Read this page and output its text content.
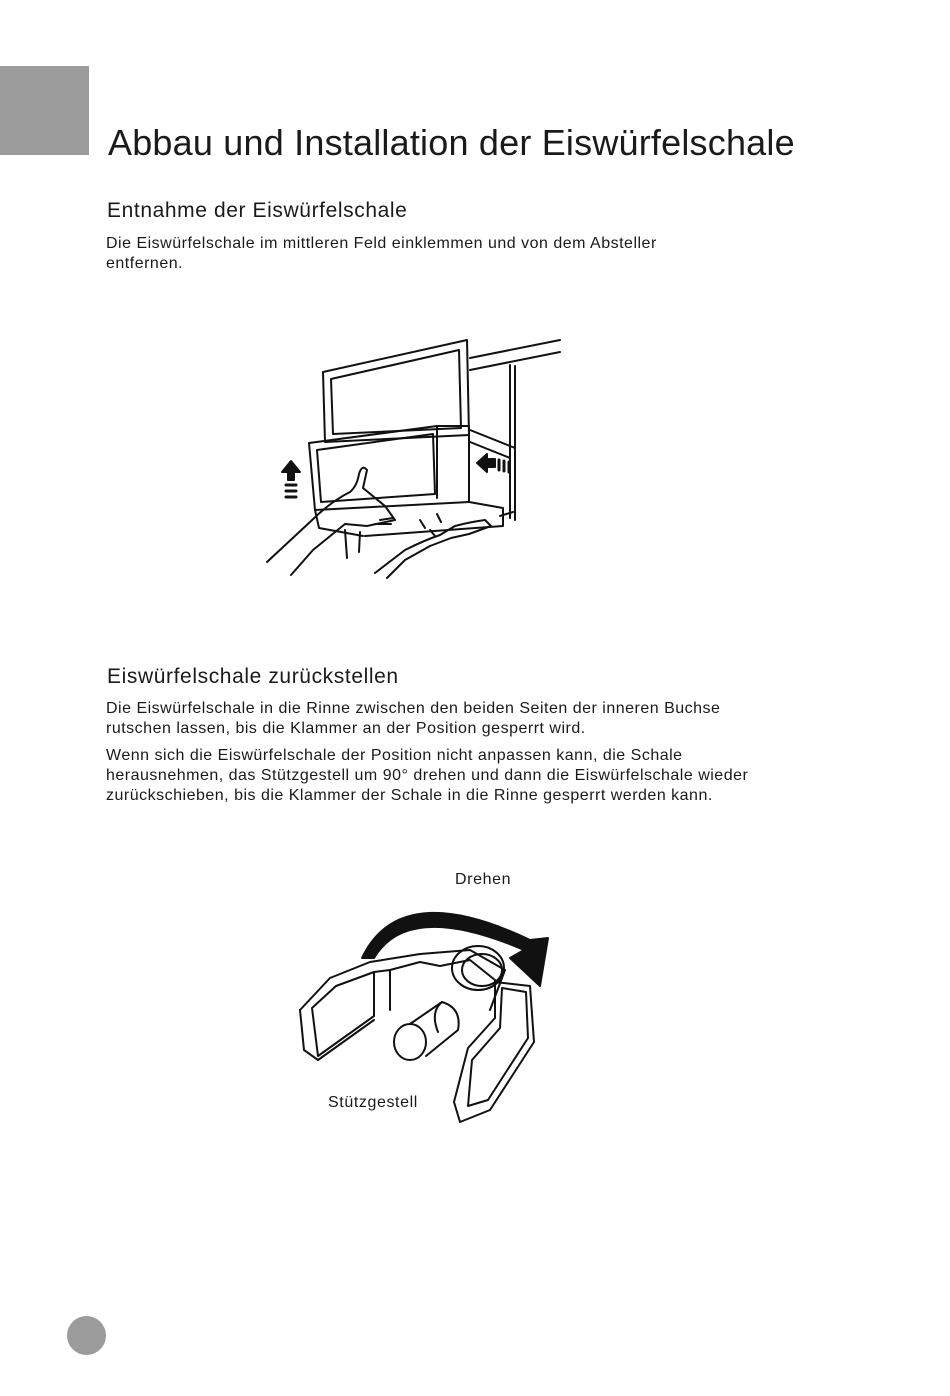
Abbau und Installation der Eiswürfelschale
Entnahme der Eiswürfelschale

Die Eiswürfelschale im mittleren Feld einklemmen und von dem Absteller
entfernen.

Eiswürfelschale zurückstellen

Die Eiswürfelschale in die Rinne zwischen den beiden Seiten der inneren Buchse
rutschen lassen, bis die Klammer an der Position gesperrt wird.

Wenn sich die Eiswürfelschale der Position nicht anpassen kann, die Schale
herausnehmen, das Stützgestell um 90° drehen und dann die Eiswürfelschale wieder
zurückschieben, bis die Klammer der Schale in die Rinne gesperrt werden kann.

Drehen
Stützgestell
